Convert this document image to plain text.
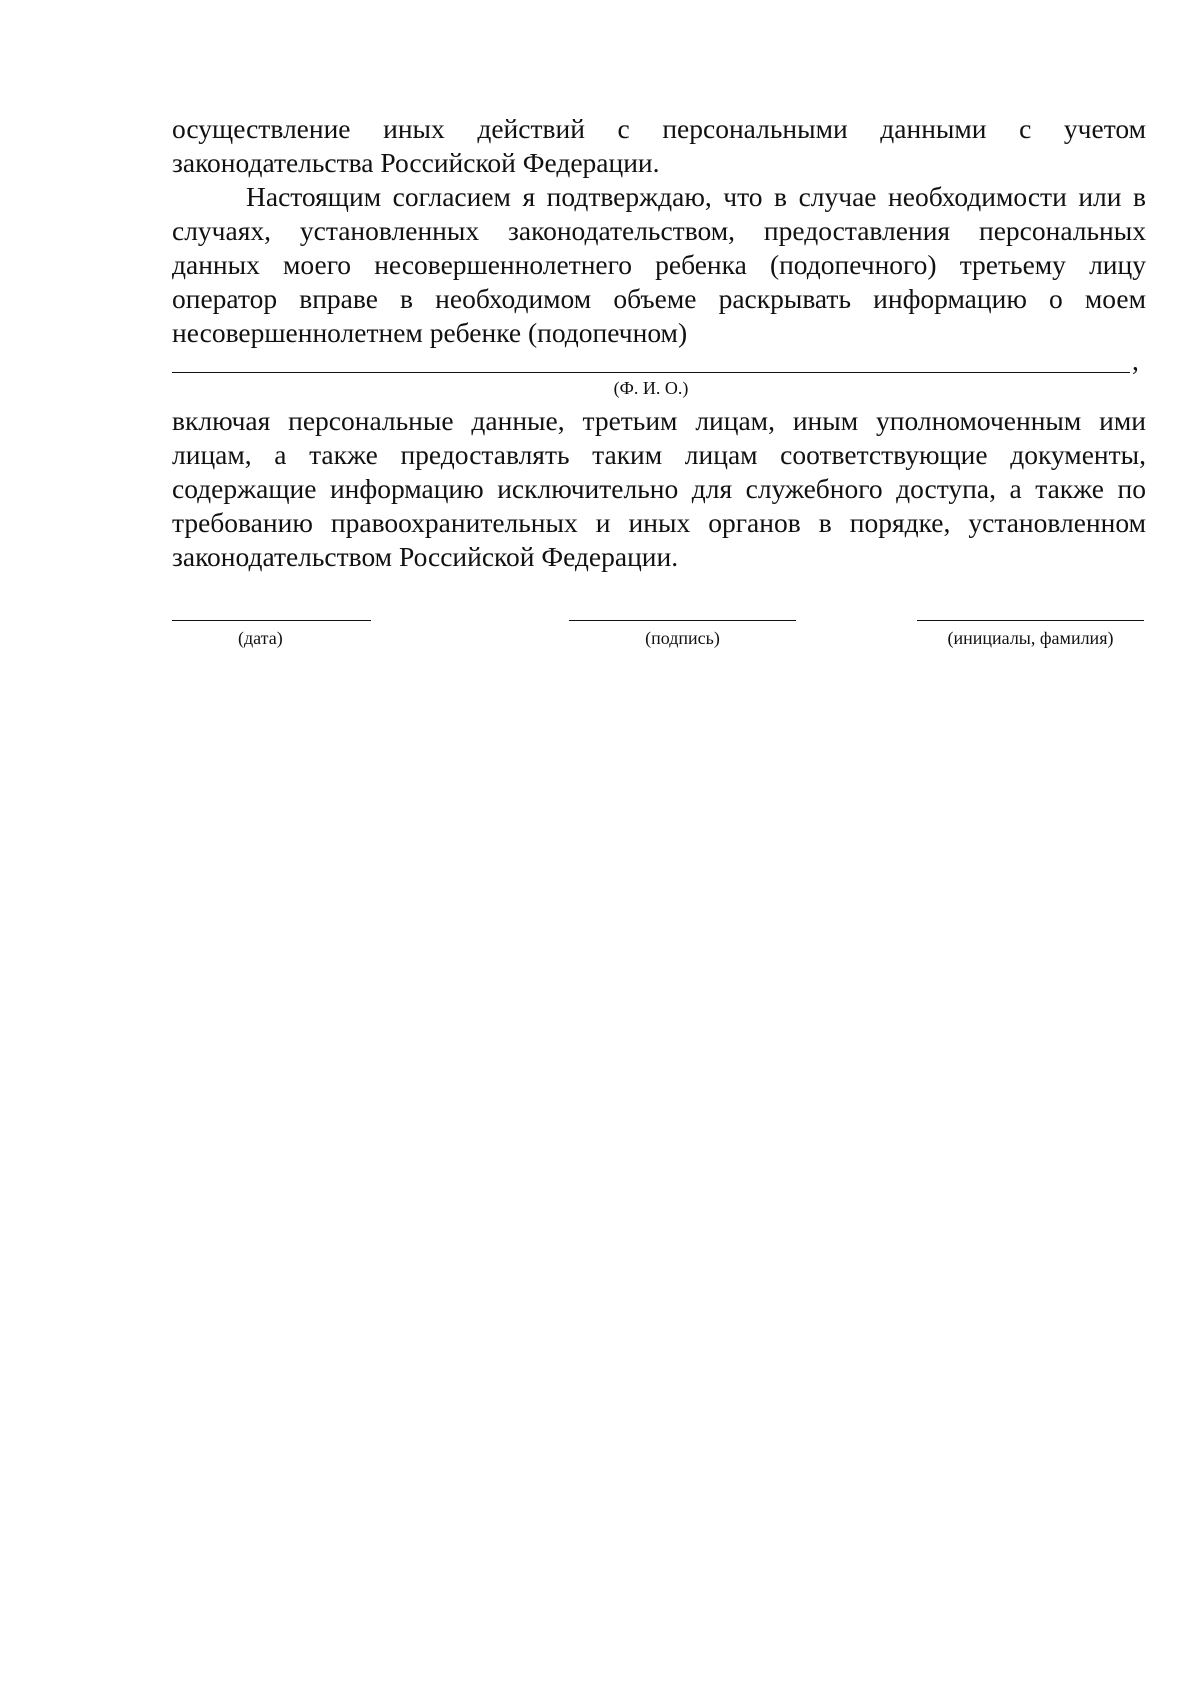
осуществление иных действий с персональными данными с учетом законодательства Российской Федерации.

Настоящим согласием я подтверждаю, что в случае необходимости или в случаях, установленных законодательством, предоставления персональных данных моего несовершеннолетнего ребенка (подопечного) третьему лицу оператор вправе в необходимом объеме раскрывать информацию о моем несовершеннолетнем ребенке (подопечном)

,
(Ф. И. О.)

включая персональные данные, третьим лицам, иным уполномоченным ими лицам, а также предоставлять таким лицам соответствующие документы, содержащие информацию исключительно для служебного доступа, а также по требованию правоохранительных и иных органов в порядке, установленном законодательством Российской Федерации.

(дата)	(подпись)	(инициалы, фамилия)
